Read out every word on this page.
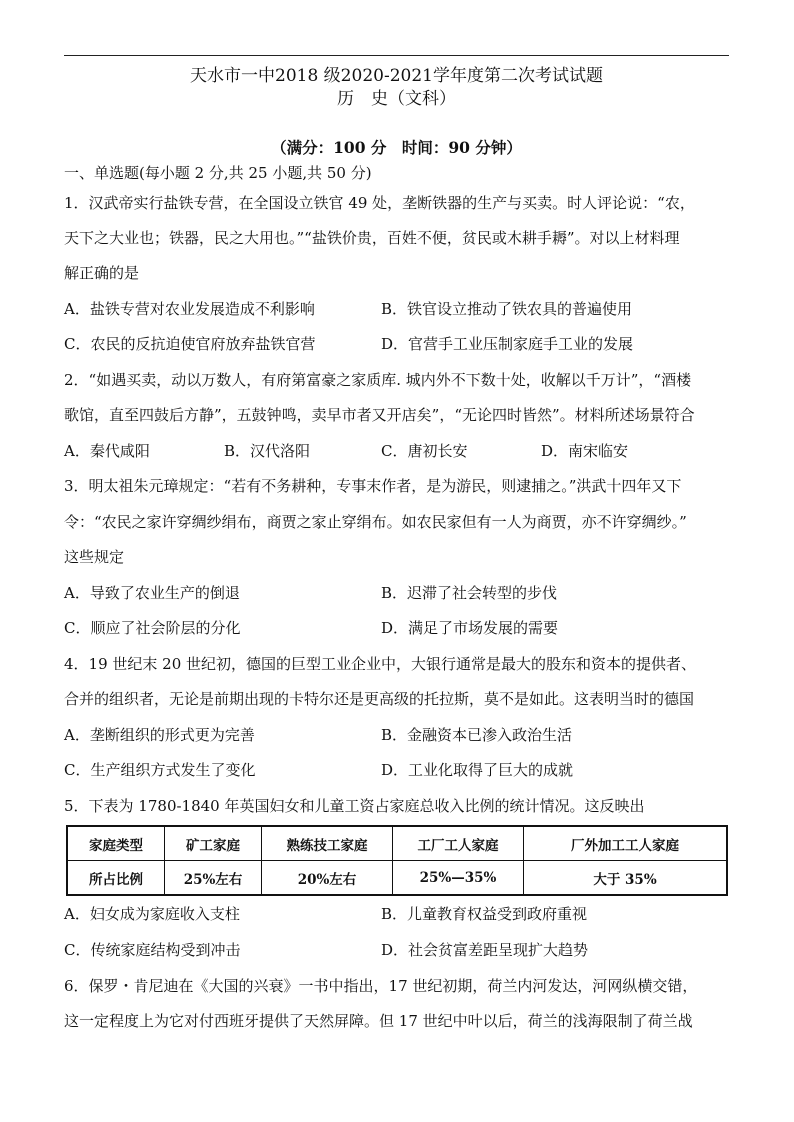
天水市一中2018 级2020-2021学年度第二次考试试题
历　史（文科）
（满分：100 分　时间：90 分钟）
一、单选题(每小题 2 分,共 25 小题,共 50 分)
1．汉武帝实行盐铁专营，在全国设立铁官 49 处，垄断铁器的生产与买卖。时人评论说：“农，
天下之大业也；铁器，民之大用也。”“盐铁价贵，百姓不便，贫民或木耕手耨”。对以上材料理
解正确的是
A．盐铁专营对农业发展造成不利影响	B．铁官设立推动了铁农具的普遍使用
C．农民的反抗迫使官府放弃盐铁官营	D．官营手工业压制家庭手工业的发展
2．“如遇买卖，动以万数人，有府第富豪之家质库. 城内外不下数十处，收解以千万计”，“酒楼
歌馆，直至四鼓后方静”，五鼓钟鸣，卖早市者又开店矣”，“无论四时皆然”。材料所述场景符合
A．秦代咸阳	B．汉代洛阳	C．唐初长安	D．南宋临安
3．明太祖朱元璋规定：“若有不务耕种，专事末作者，是为游民，则逮捕之。”洪武十四年又下
令：“农民之家许穿绸纱绢布，商贾之家止穿绢布。如农民家但有一人为商贾，亦不许穿绸纱。”
这些规定
A．导致了农业生产的倒退	B．迟滞了社会转型的步伐
C．顺应了社会阶层的分化	D．满足了市场发展的需要
4．19 世纪末 20 世纪初，德国的巨型工业企业中，大银行通常是最大的股东和资本的提供者、
合并的组织者，无论是前期出现的卡特尔还是更高级的托拉斯，莫不是如此。这表明当时的德国
A．垄断组织的形式更为完善	B．金融资本已渗入政治生活
C．生产组织方式发生了变化	D．工业化取得了巨大的成就
5．下表为 1780-1840 年英国妇女和儿童工资占家庭总收入比例的统计情况。这反映出
家庭类型	矿工家庭	熟练技工家庭	工厂工人家庭	厂外加工工人家庭
所占比例	25%左右	20%左右	25%—35%	大于 35%
A．妇女成为家庭收入支柱	B．儿童教育权益受到政府重视
C．传统家庭结构受到冲击	D．社会贫富差距呈现扩大趋势
6．保罗・肯尼迪在《大国的兴衰》一书中指出，17 世纪初期，荷兰内河发达，河网纵横交错，
这一定程度上为它对付西班牙提供了天然屏障。但 17 世纪中叶以后，荷兰的浅海限制了荷兰战
